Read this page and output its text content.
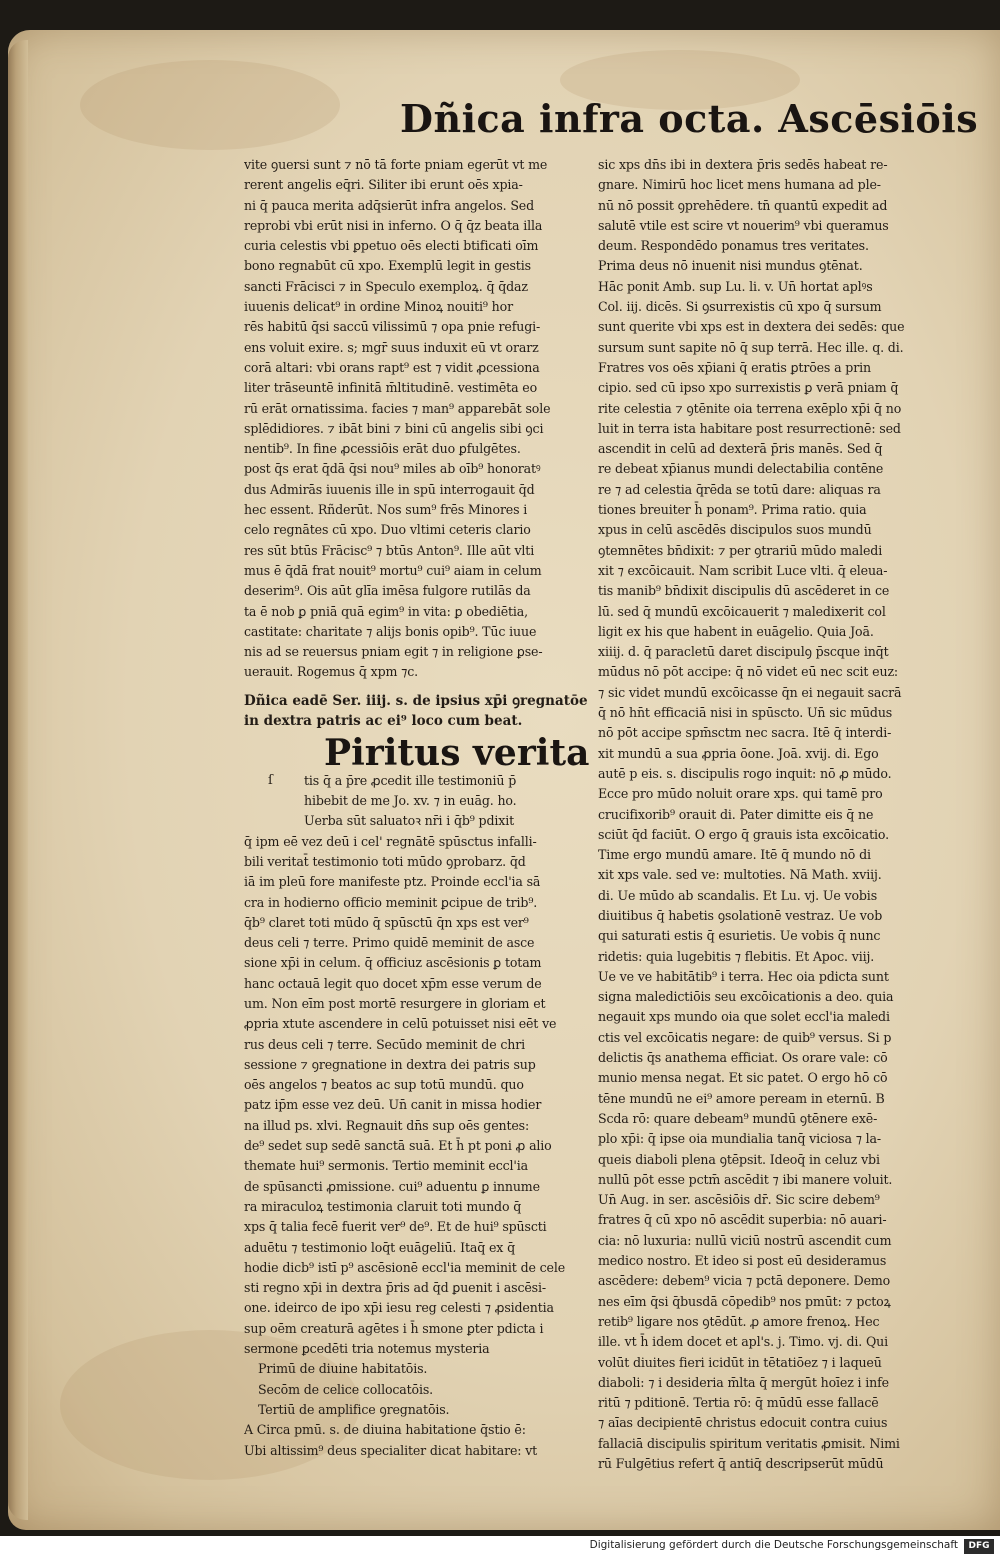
Dñica infra octa. Ascēsiōis
vite ꝯuersi sunt ⁊ nō tā forte pniam egerūt vt me
rerent angelis eq̄ri. Siliter ibi erunt oēs xpia-
ni q̄ pauca merita adq̄sierūt infra angelos. Sed
reprobi vbi erūt nisi in inferno. O q̄ q̄z beata illa
curia celestis vbi ꝑpetuo oēs electi btificati oīm
bono regnabūt cū xpo. Exemplū legit in gestis
sancti Frācisci ⁊ in Speculo exemploꝝ. q̄ q̄daz
iuuenis delicat⁹ in ordine Minoꝝ nouiti⁹ hor
rēs habitū q̄si saccū vilissimū ⁊ opa pnie refugi-
ens voluit exire. s; mgr̄ suus induxit eū vt orarz
corā altari: vbi orans rapt⁹ est ⁊ vidit ꝓcessiona
liter trāseuntē infinitā m̄ltitudinē. vestimēta eo
rū erāt ornatissima. facies ⁊ man⁹ apparebāt sole
splēdidiores. ⁊ ibāt bini ⁊ bini cū angelis sibi ꝯci
nentib⁹. In fine ꝓcessiōis erāt duo ꝑfulgētes.
post q̄s erat q̄dā q̄si nou⁹ miles ab oīb⁹ honoratꝰ
dus Admirās iuuenis ille in spū interrogauit q̄d
hec essent. Rñderūt. Nos sum⁹ frēs Minores i
celo regnātes cū xpo. Duo vltimi ceteris clario
res sūt btūs Frācisc⁹ ⁊ btūs Anton⁹. Ille aūt vlti
mus ē q̄dā frat nouit⁹ mortu⁹ cui⁹ aiam in celum
deserim⁹. Ois aūt glīa imēsa fulgore rutilās da
ta ē nob ꝑ pniā quā egim⁹ in vita: ꝑ obediētia,
castitate: charitate ⁊ alijs bonis opib⁹. Tūc iuue
nis ad se reuersus pniam egit ⁊ in religione ꝑse-
uerauit. Rogemus q̄ xpm ⁊c.
Dñica eadē Ser. iiij. s. de ipsius xp̄i ꝯregnatōe
in dextra patris ac ei⁹ loco cum beat.
Piritus verita
ſ tis q̄ a p̄re ꝓcedit ille testimoniū p̄
hibebit de me Jo. xv. ⁊ in euāg. ho.
Uerba sūt saluatoꝛ nr̄i i q̄b⁹ pdixit
q̄ ipm eē vez deū i cel' regnātē spūsctus infalli-
bili veritat̄ testimonio toti mūdo ꝯprobarz. q̄d
iā im pleū fore manifeste ptz. Proinde eccl'ia sā
cra in hodierno officio meminit ꝑcipue de trib⁹.
q̄b⁹ claret toti mūdo q̄ spūsctū q̄n xps est ver⁹
deus celi ⁊ terre. Primo quidē meminit de asce
sione xp̄i in celum. q̄ officiuz ascēsionis ꝑ totam
hanc octauā legit quo docet xp̄m esse verum de
um. Non eīm post mortē resurgere in gloriam et
ꝓpria xtute ascendere in celū potuisset nisi eēt ve
rus deus celi ⁊ terre. Secūdo meminit de chri
sessione ⁊ ꝯregnatione in dextra dei patris sup
oēs angelos ⁊ beatos ac sup totū mundū. quo
patz ip̄m esse vez deū. Un̄ canit in missa hodier
na illud ps. xlvi. Regnauit dn̄s sup oēs gentes:
de⁹ sedet sup sedē sanctā suā. Et h̄ pt poni ꝓ alio
themate hui⁹ sermonis. Tertio meminit eccl'ia
de spūsancti ꝓmissione. cui⁹ aduentu ꝑ innume
ra miraculoꝝ testimonia claruit toti mundo q̄
xps q̄ talia fecē fuerit ver⁹ de⁹. Et de hui⁹ spūscti
aduētu ⁊ testimonio loq̄t euāgeliū. Itaq̄ ex q̄
hodie dicb⁹ istī p⁹ ascēsionē eccl'ia meminit de cele
sti regno xp̄i in dextra p̄ris ad q̄d ꝑuenit i ascēsi-
one. ideirco de ipo xp̄i iesu reg celesti ⁊ ꝓsidentia
sup oēm creaturā agētes i h̄ smone ꝑter pdicta i
sermone ꝑcedēti tria notemus mysteria
Primū de diuine habitatōis.
Secōm de celice collocatōis.
Tertiū de amplifice ꝯregnatōis.
A Circa pmū. s. de diuina habitatione q̄stio ē:
Ubi altissim⁹ deus specialiter dicat habitare: vt
sic xps dn̄s ibi in dextera p̄ris sedēs habeat re-
gnare. Nimirū hoc licet mens humana ad ple-
nū nō possit ꝯprehēdere. tn̄ quantū expedit ad
salutē vtile est scire vt nouerim⁹ vbi queramus
deum. Respondēdo ponamus tres veritates.
Prima deus nō inuenit nisi mundus ꝯtēnat.
Hāc ponit Amb. sup Lu. li. v. Un̄ hortat aplꝰs
Col. iij. dicēs. Si ꝯsurrexistis cū xpo q̄ sursum
sunt querite vbi xps est in dextera dei sedēs: que
sursum sunt sapite nō q̄ sup terrā. Hec ille. q. di.
Fratres vos oēs xp̄iani q̄ eratis ꝑtrōes a prin
cipio. sed cū ipso xpo surrexistis ꝑ verā pniam q̄
rite celestia ⁊ ꝯtēnite oia terrena exēplo xp̄i q̄ no
luit in terra ista habitare post resurrectionē: sed
ascendit in celū ad dexterā p̄ris manēs. Sed q̄
re debeat xp̄ianus mundi delectabilia contēne
re ⁊ ad celestia q̄rēda se totū dare: aliquas ra
tiones breuiter h̄ ponam⁹. Prima ratio. quia
xpus in celū ascēdēs discipulos suos mundū
ꝯtemnētes bn̄dixit: ⁊ per ꝯtrariū mūdo maledi
xit ⁊ excōicauit. Nam scribit Luce vlti. q̄ eleua-
tis manib⁹ bn̄dixit discipulis dū ascēderet in ce
lū. sed q̄ mundū excōicauerit ⁊ maledixerit col
ligit ex his que habent in euāgelio. Quia Joā.
xiiij. d. q̄ paracletū daret discipulꝯ p̄scque inq̄t
mūdus nō pōt accipe: q̄ nō videt eū nec scit euz:
⁊ sic videt mundū excōicasse q̄n ei negauit sacrā
q̄ nō hn̄t efficaciā nisi in spūscto. Un̄ sic mūdus
nō pōt accipe spm̄sctm nec sacra. Itē q̄ interdi-
xit mundū a sua ꝓpria ōone. Joā. xvij. di. Ego
autē p eis. s. discipulis rogo inquit: nō ꝓ mūdo.
Ecce pro mūdo noluit orare xps. qui tamē pro
crucifixorib⁹ orauit di. Pater dimitte eis q̄ ne
sciūt q̄d faciūt. O ergo q̄ grauis ista excōicatio.
Time ergo mundū amare. Itē q̄ mundo nō di
xit xps vale. sed ve: multoties. Nā Math. xviij.
di. Ue mūdo ab scandalis. Et Lu. vj. Ue vobis
diuitibus q̄ habetis ꝯsolationē vestraz. Ue vob
qui saturati estis q̄ esurietis. Ue vobis q̄ nunc
ridetis: quia lugebitis ⁊ flebitis. Et Apoc. viij.
Ue ve ve habitātib⁹ i terra. Hec oia pdicta sunt
signa maledictiōis seu excōicationis a deo. quia
negauit xps mundo oia que solet eccl'ia maledi
ctis vel excōicatis negare: de quib⁹ versus. Si p
delictis q̄s anathema efficiat. Os orare vale: cō
munio mensa negat. Et sic patet. O ergo hō cō
tēne mundū ne ei⁹ amore peream in eternū. B
Scda rō: quare debeam⁹ mundū ꝯtēnere exē-
plo xp̄i: q̄ ipse oia mundialia tanq̄ viciosa ⁊ la-
queis diaboli plena ꝯtēpsit. Ideoq̄ in celuz vbi
nullū pōt esse pctm̄ ascēdit ⁊ ibi manere voluit.
Un̄ Aug. in ser. ascēsiōis dr̄. Sic scire debem⁹
fratres q̄ cū xpo nō ascēdit superbia: nō auari-
cia: nō luxuria: nullū viciū nostrū ascendit cum
medico nostro. Et ideo si post eū desideramus
ascēdere: debem⁹ vicia ⁊ pctā deponere. Demo
nes eīm q̄si q̄busdā cōpedib⁹ nos pmūt: ⁊ pctoꝝ
retib⁹ ligare nos ꝯtēdūt. ꝓ amore frenoꝝ. Hec
ille. vt h̄ idem docet et apl's. j. Timo. vj. di. Qui
volūt diuites fieri icidūt in tētatiōez ⁊ i laqueū
diaboli: ⁊ i desideria m̄lta q̄ mergūt hoīez i infe
ritū ⁊ pditionē. Tertia rō: q̄ mūdū esse fallacē
⁊ aīas decipientē christus edocuit contra cuius
fallaciā discipulis spiritum veritatis ꝓmisit. Nimi
rū Fulgētius refert q̄ antiq̄ descripserūt mūdū
Digitalisierung gefördert durch die Deutsche Forschungsgemeinschaft	DFG
